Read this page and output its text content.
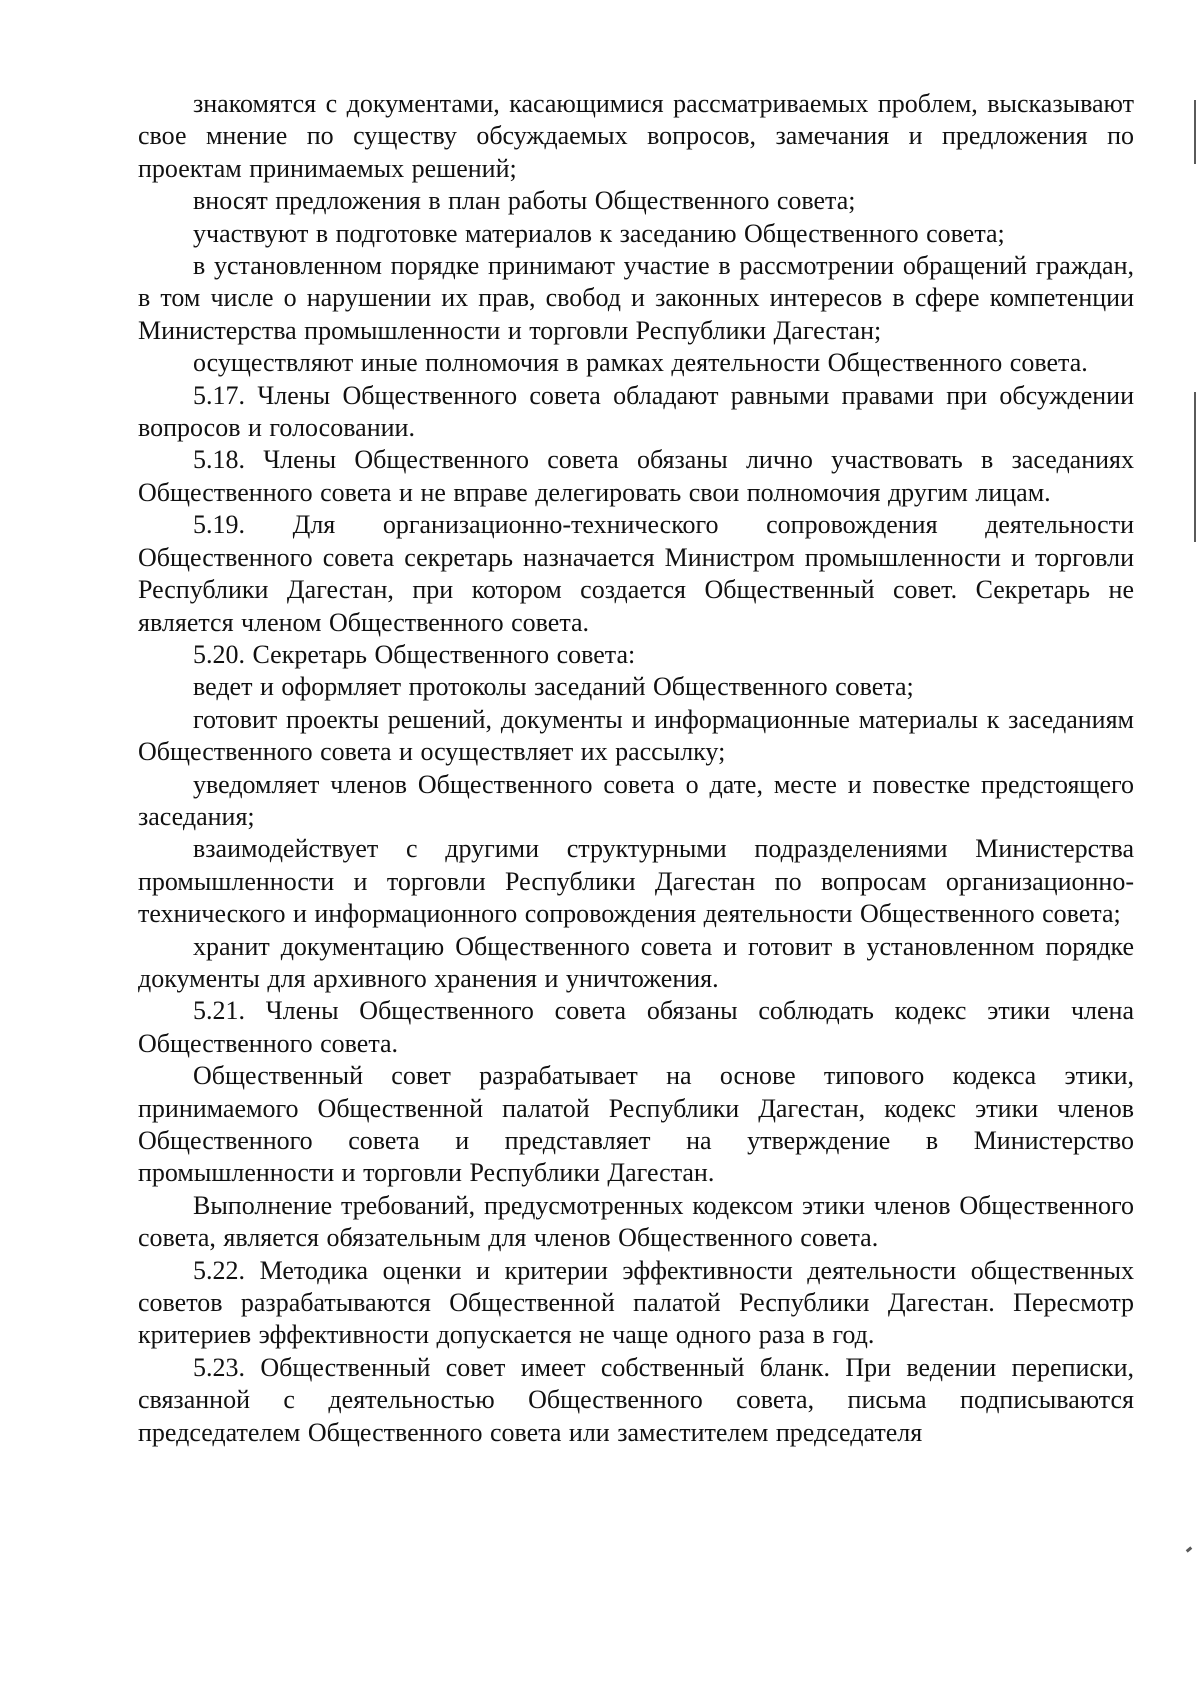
знакомятся с документами, касающимися рассматриваемых проблем, высказывают свое мнение по существу обсуждаемых вопросов, замечания и предложения по проектам принимаемых решений;

вносят предложения в план работы Общественного совета;

участвуют в подготовке материалов к заседанию Общественного совета;

в установленном порядке принимают участие в рассмотрении обращений граждан, в том числе о нарушении их прав, свобод и законных интересов в сфере компетенции Министерства промышленности и торговли Республики Дагестан;

осуществляют иные полномочия в рамках деятельности Общественного совета.

5.17. Члены Общественного совета обладают равными правами при обсуждении вопросов и голосовании.

5.18. Члены Общественного совета обязаны лично участвовать в заседаниях Общественного совета и не вправе делегировать свои полномочия другим лицам.

5.19. Для организационно-технического сопровождения деятельности Общественного совета секретарь назначается Министром промышленности и торговли Республики Дагестан, при котором создается Общественный совет. Секретарь не является членом Общественного совета.

5.20. Секретарь Общественного совета:

ведет и оформляет протоколы заседаний Общественного совета;

готовит проекты решений, документы и информационные материалы к заседаниям Общественного совета и осуществляет их рассылку;

уведомляет членов Общественного совета о дате, месте и повестке предстоящего заседания;

взаимодействует с другими структурными подразделениями Министерства промышленности и торговли Республики Дагестан по вопросам организационно-технического и информационного сопровождения деятельности Общественного совета;

хранит документацию Общественного совета и готовит в установленном порядке документы для архивного хранения и уничтожения.

5.21. Члены Общественного совета обязаны соблюдать кодекс этики члена Общественного совета.

Общественный совет разрабатывает на основе типового кодекса этики, принимаемого Общественной палатой Республики Дагестан, кодекс этики членов Общественного совета и представляет на утверждение в Министерство промышленности и торговли Республики Дагестан.

Выполнение требований, предусмотренных кодексом этики членов Общественного совета, является обязательным для членов Общественного совета.

5.22. Методика оценки и критерии эффективности деятельности общественных советов разрабатываются Общественной палатой Республики Дагестан. Пересмотр критериев эффективности допускается не чаще одного раза в год.

5.23. Общественный совет имеет собственный бланк. При ведении переписки, связанной с деятельностью Общественного совета, письма подписываются председателем Общественного совета или заместителем председателя
